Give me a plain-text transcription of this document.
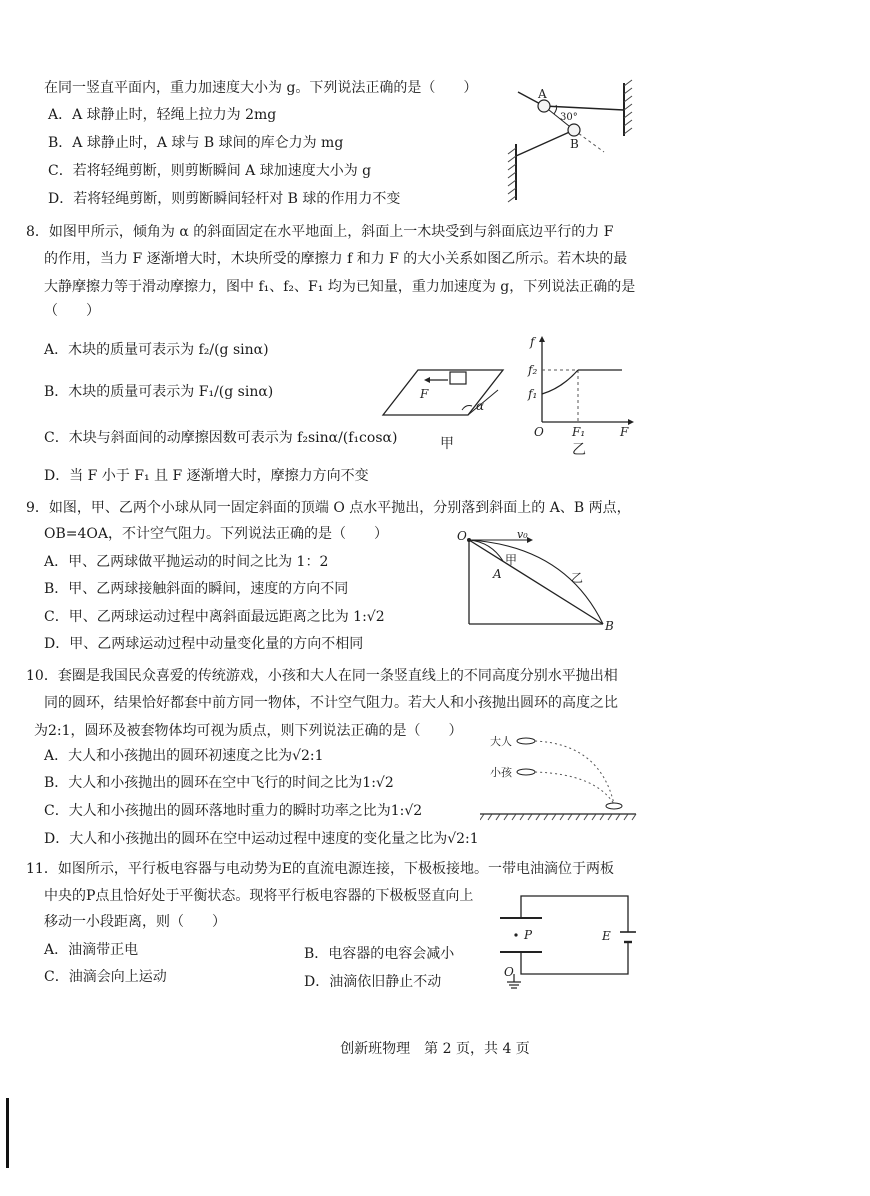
在同一竖直平面内，重力加速度大小为 g。下列说法正确的是（　　）
A．A 球静止时，轻绳上拉力为 2mg
B．A 球静止时，A 球与 B 球间的库仑力为 mg
C．若将轻绳剪断，则剪断瞬间 A 球加速度大小为 g
D．若将轻绳剪断，则剪断瞬间轻杆对 B 球的作用力不变
A
B
30°
8．如图甲所示，倾角为 α 的斜面固定在水平地面上，斜面上一木块受到与斜面底边平行的力 F
的作用，当力 F 逐渐增大时，木块所受的摩擦力 f 和力 F 的大小关系如图乙所示。若木块的最
大静摩擦力等于滑动摩擦力，图中 f₁、f₂、F₁ 均为已知量，重力加速度为 g，下列说法正确的是
（　　）
A．木块的质量可表示为 f₂/(g sinα)
B．木块的质量可表示为 F₁/(g sinα)
C．木块与斜面间的动摩擦因数可表示为 f₂sinα/(f₁cosα)
D．当 F 小于 F₁ 且 F 逐渐增大时，摩擦力方向不变
F
α
甲
f
f₂
f₁
O F₁	F
乙
9．如图，甲、乙两个小球从同一固定斜面的顶端 O 点水平抛出，分别落到斜面上的 A、B 两点，
OB=4OA，不计空气阻力。下列说法正确的是（　　）
A．甲、乙两球做平抛运动的时间之比为 1：2
B．甲、乙两球接触斜面的瞬间，速度的方向不同
C．甲、乙两球运动过程中离斜面最远距离之比为 1:√2
D．甲、乙两球运动过程中动量变化量的方向不相同
O	v₀
甲
A	乙
B
10．套圈是我国民众喜爱的传统游戏，小孩和大人在同一条竖直线上的不同高度分别水平抛出相
同的圆环，结果恰好都套中前方同一物体，不计空气阻力。若大人和小孩抛出圆环的高度之比
为2:1，圆环及被套物体均可视为质点，则下列说法正确的是（　　）
A．大人和小孩抛出的圆环初速度之比为√2:1
B．大人和小孩抛出的圆环在空中飞行的时间之比为1:√2
C．大人和小孩抛出的圆环落地时重力的瞬时功率之比为1:√2
D．大人和小孩抛出的圆环在空中运动过程中速度的变化量之比为√2:1
大人
小孩
11．如图所示，平行板电容器与电动势为E的直流电源连接，下极板接地。一带电油滴位于两板
中央的P点且恰好处于平衡状态。现将平行板电容器的下极板竖直向上
移动一小段距离，则（　　）
A．油滴带正电	B．电容器的电容会减小
C．油滴会向上运动	D．油滴依旧静止不动
P
O
E
创新班物理　第 2 页，共 4 页
